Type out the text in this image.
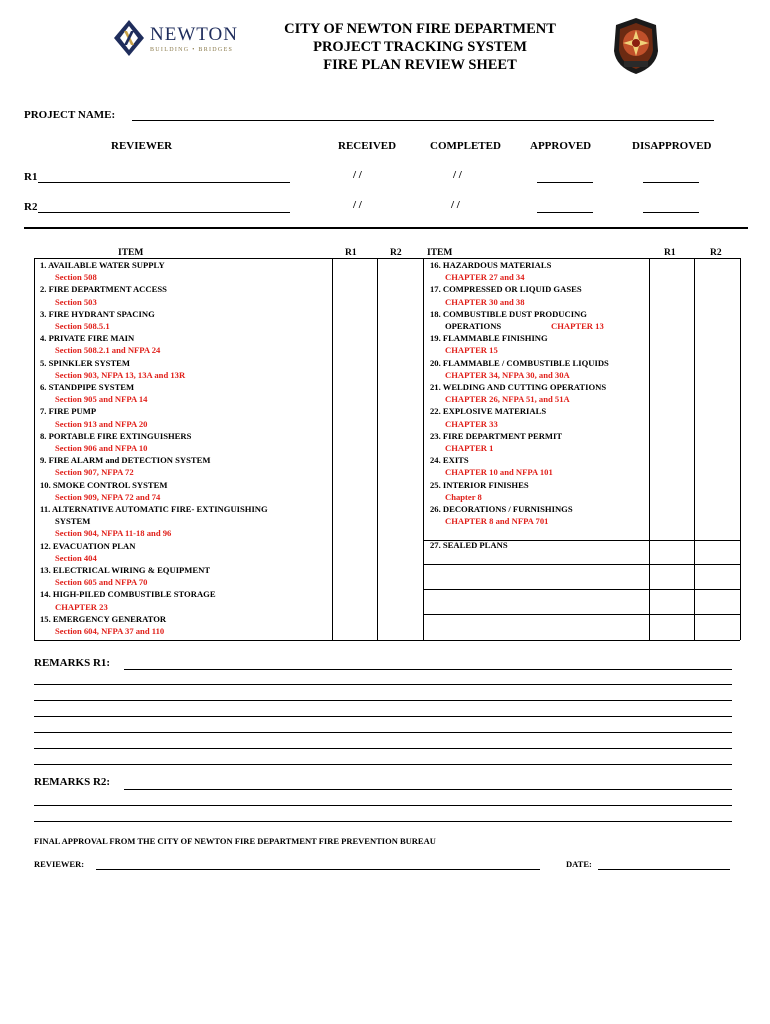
NEWTON
BUILDING • BRIDGES
CITY OF NEWTON FIRE DEPARTMENT
PROJECT TRACKING SYSTEM
FIRE PLAN REVIEW SHEET
PROJECT NAME:
REVIEWER	RECEIVED	COMPLETED	APPROVED	DISAPPROVED
R1	/ /	/ /
R2	/ /	/ /
ITEM	R1	R2	ITEM	R1	R2
1. AVAILABLE WATER SUPPLY
Section 508
2. FIRE DEPARTMENT ACCESS
Section 503
3. FIRE HYDRANT SPACING
Section 508.5.1
4. PRIVATE FIRE MAIN
Section 508.2.1 and NFPA 24
5. SPINKLER SYSTEM
Section 903, NFPA 13, 13A and 13R
6. STANDPIPE SYSTEM
Section 905 and NFPA 14
7. FIRE PUMP
Section 913 and NFPA 20
8. PORTABLE FIRE EXTINGUISHERS
Section 906 and NFPA 10
9. FIRE ALARM and DETECTION SYSTEM
Section 907, NFPA 72
10. SMOKE CONTROL SYSTEM
Section 909, NFPA 72 and 74
11. ALTERNATIVE AUTOMATIC FIRE- EXTINGUISHING
SYSTEM
Section 904, NFPA 11-18 and 96
12. EVACUATION PLAN
Section 404
13. ELECTRICAL WIRING & EQUIPMENT
Section 605 and NFPA 70
14. HIGH-PILED COMBUSTIBLE STORAGE
CHAPTER 23
15. EMERGENCY GENERATOR
Section 604, NFPA 37 and 110
16. HAZARDOUS MATERIALS
CHAPTER 27 and 34
17. COMPRESSED OR LIQUID GASES
CHAPTER 30 and 38
18. COMBUSTIBLE DUST PRODUCING
OPERATIONS	CHAPTER 13
19. FLAMMABLE FINISHING
CHAPTER 15
20. FLAMMABLE / COMBUSTIBLE LIQUIDS
CHAPTER 34, NFPA 30, and 30A
21. WELDING AND CUTTING OPERATIONS
CHAPTER 26, NFPA 51, and 51A
22. EXPLOSIVE MATERIALS
CHAPTER 33
23. FIRE DEPARTMENT PERMIT
CHAPTER 1
24. EXITS
CHAPTER 10 and NFPA 101
25. INTERIOR FINISHES
Chapter 8
26. DECORATIONS / FURNISHINGS
CHAPTER 8 and NFPA 701
27. SEALED PLANS
REMARKS R1:
REMARKS R2:
FINAL APPROVAL FROM THE CITY OF NEWTON FIRE DEPARTMENT FIRE PREVENTION BUREAU
REVIEWER:	DATE:
